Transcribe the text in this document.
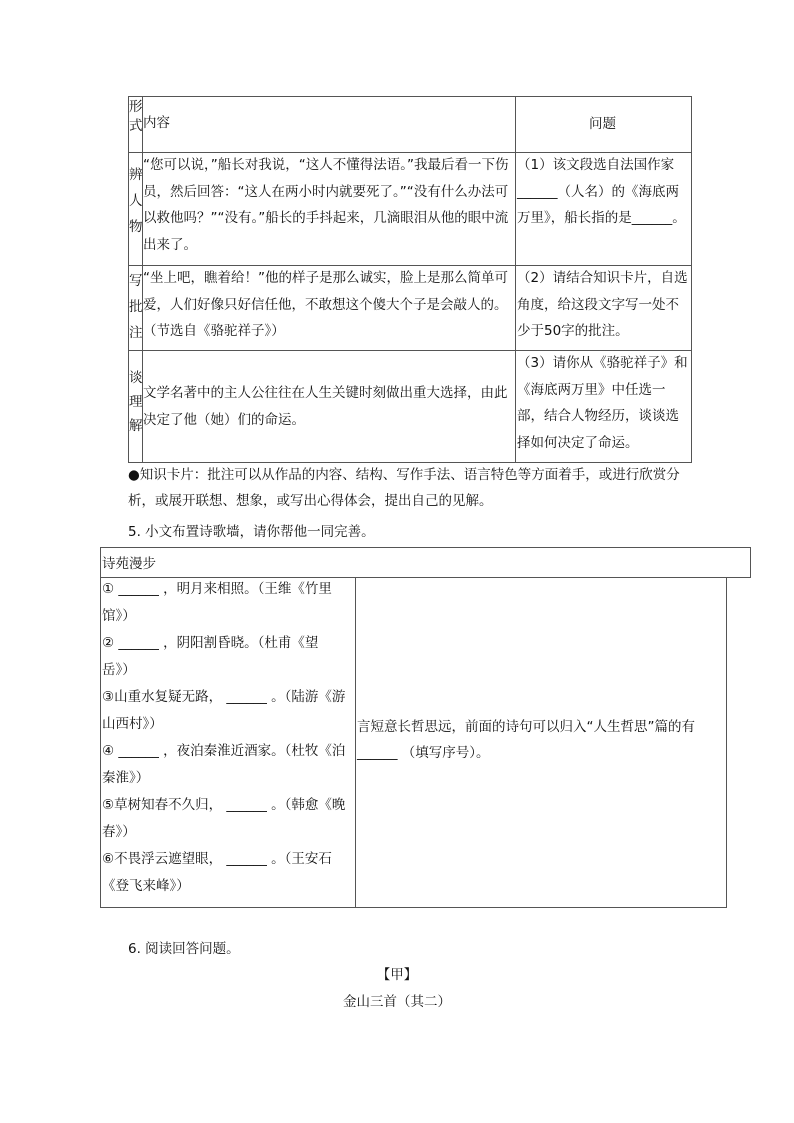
形式 内容	问题
辨人物
“您可以说，”船长对我说，“这人不懂得法语。”我最后看一下伤员，然后回答：“这人在两小时内就要死了。”“没有什么办法可以救他吗？”“没有。”船长的手抖起来，几滴眼泪从他的眼中流出来了。
（1）该文段选自法国作家______（人名）的《海底两万里》，船长指的是______。
写批注
“坐上吧，瞧着给！”他的样子是那么诚实，脸上是那么简单可爱，人们好像只好信任他，不敢想这个傻大个子是会敲人的。（节选自《骆驼祥子》）
（2）请结合知识卡片，自选角度，给这段文字写一处不少于50字的批注。
谈理解
文学名著中的主人公往往在人生关键时刻做出重大选择，由此决定了他（她）们的命运。
（3）请你从《骆驼祥子》和《海底两万里》中任选一部，结合人物经历，谈谈选择如何决定了命运。
●知识卡片：批注可以从作品的内容、结构、写作手法、语言特色等方面着手，或进行欣赏分析，或展开联想、想象，或写出心得体会，提出自己的见解。
5. 小文布置诗歌墙，请你帮他一同完善。
诗苑漫步
① ______ ，明月来相照。（王维《竹里
馆》）
② ______ ，阴阳割昏晓。（杜甫《望
岳》）
③山重水复疑无路， ______ 。（陆游《游
山西村》）
④ ______ ，夜泊秦淮近酒家。（杜牧《泊
秦淮》）
⑤草树知春不久归， ______ 。（韩愈《晚
春》）
⑥不畏浮云遮望眼， ______ 。（王安石
《登飞来峰》）
言短意长哲思远，前面的诗句可以归入“人生哲思”篇的有
______ （填写序号）。
6. 阅读回答问题。
【甲】
金山三首（其二）
